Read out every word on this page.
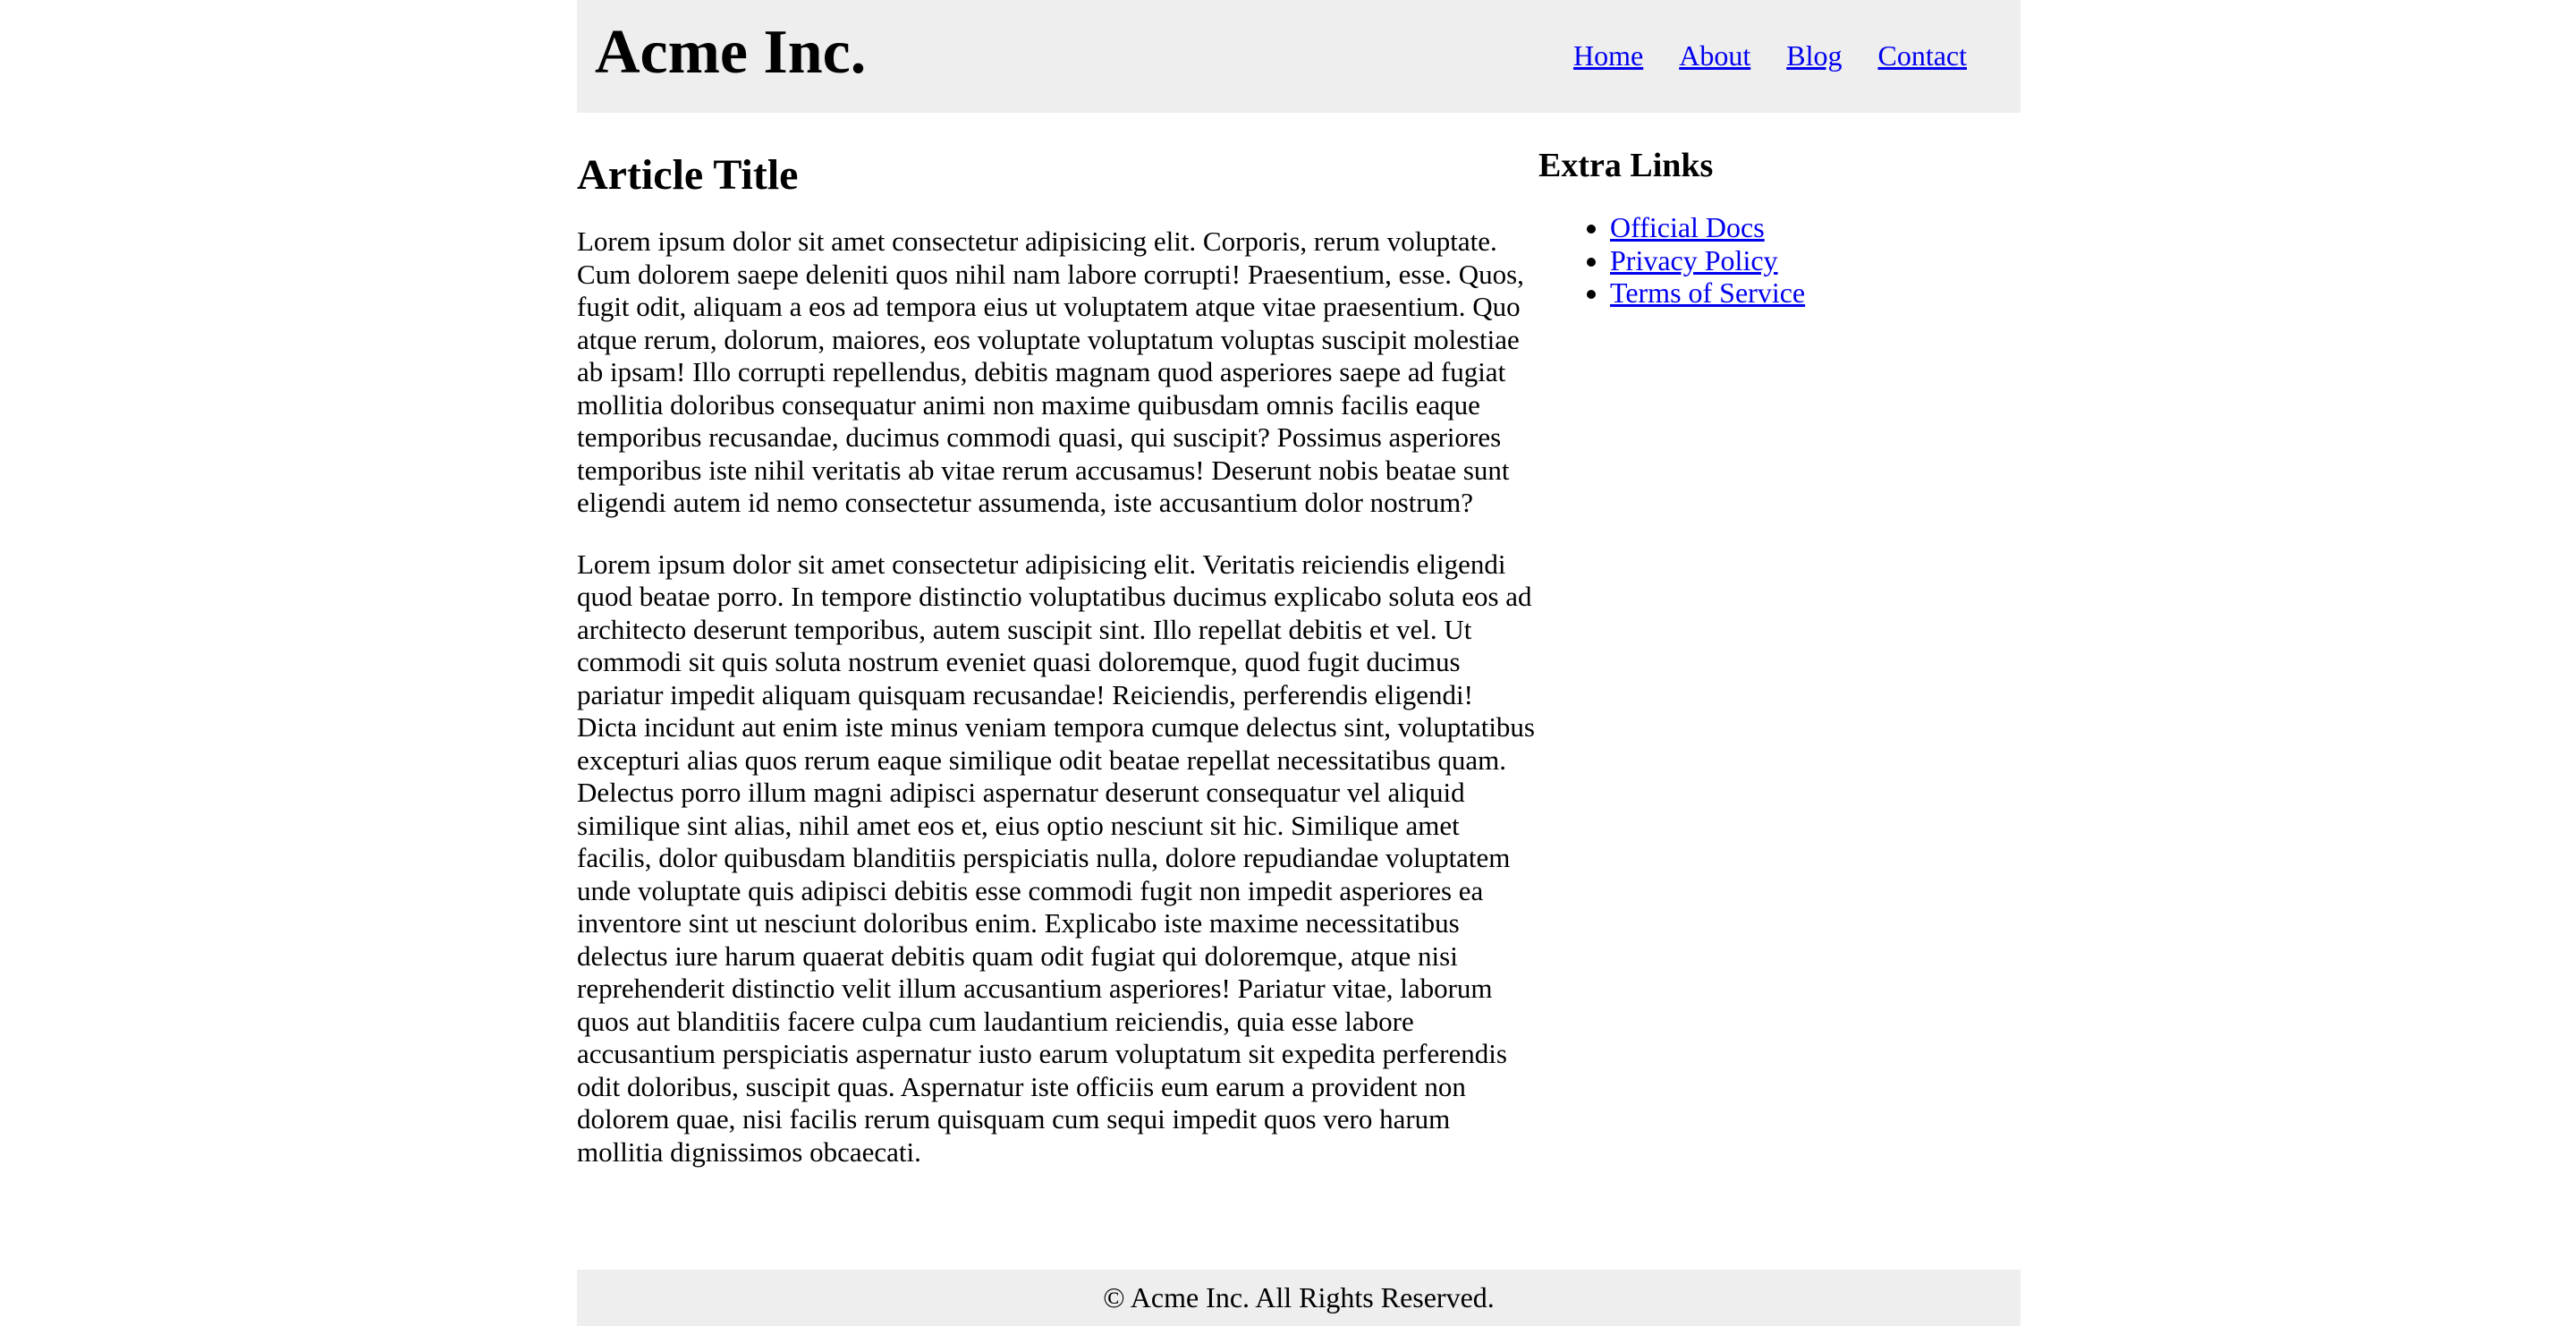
Acme Inc.	Home About Blog Contact
Article Title

Lorem ipsum dolor sit amet consectetur adipisicing elit. Corporis, rerum voluptate. Cum dolorem saepe deleniti quos nihil nam labore corrupti! Praesentium, esse. Quos, fugit odit, aliquam a eos ad tempora eius ut voluptatem atque vitae praesentium. Quo atque rerum, dolorum, maiores, eos voluptate voluptatum voluptas suscipit molestiae ab ipsam! Illo corrupti repellendus, debitis magnam quod asperiores saepe ad fugiat mollitia doloribus consequatur animi non maxime quibusdam omnis facilis eaque temporibus recusandae, ducimus commodi quasi, qui suscipit? Possimus asperiores temporibus iste nihil veritatis ab vitae rerum accusamus! Deserunt nobis beatae sunt eligendi autem id nemo consectetur assumenda, iste accusantium dolor nostrum?

Lorem ipsum dolor sit amet consectetur adipisicing elit. Veritatis reiciendis eligendi quod beatae porro. In tempore distinctio voluptatibus ducimus explicabo soluta eos ad architecto deserunt temporibus, autem suscipit sint. Illo repellat debitis et vel. Ut commodi sit quis soluta nostrum eveniet quasi doloremque, quod fugit ducimus pariatur impedit aliquam quisquam recusandae! Reiciendis, perferendis eligendi! Dicta incidunt aut enim iste minus veniam tempora cumque delectus sint, voluptatibus excepturi alias quos rerum eaque similique odit beatae repellat necessitatibus quam. Delectus porro illum magni adipisci aspernatur deserunt consequatur vel aliquid similique sint alias, nihil amet eos et, eius optio nesciunt sit hic. Similique amet facilis, dolor quibusdam blanditiis perspiciatis nulla, dolore repudiandae voluptatem unde voluptate quis adipisci debitis esse commodi fugit non impedit asperiores ea inventore sint ut nesciunt doloribus enim. Explicabo iste maxime necessitatibus delectus iure harum quaerat debitis quam odit fugiat qui doloremque, atque nisi reprehenderit distinctio velit illum accusantium asperiores! Pariatur vitae, laborum quos aut blanditiis facere culpa cum laudantium reiciendis, quia esse labore accusantium perspiciatis aspernatur iusto earum voluptatum sit expedita perferendis odit doloribus, suscipit quas. Aspernatur iste officiis eum earum a provident non dolorem quae, nisi facilis rerum quisquam cum sequi impedit quos vero harum mollitia dignissimos obcaecati.

Extra Links
• Official Docs
• Privacy Policy
• Terms of Service
© Acme Inc. All Rights Reserved.
